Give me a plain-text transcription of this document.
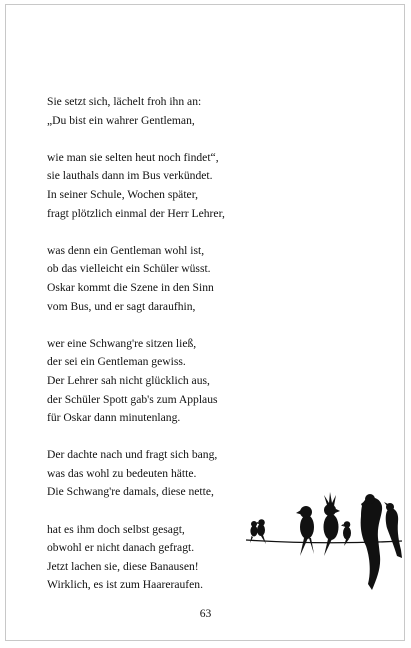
Sie setzt sich, lächelt froh ihn an:
„Du bist ein wahrer Gentleman,
wie man sie selten heut noch findet“,
sie lauthals dann im Bus verkündet.
In seiner Schule, Wochen später,
fragt plötzlich einmal der Herr Lehrer,
was denn ein Gentleman wohl ist,
ob das vielleicht ein Schüler wüsst.
Oskar kommt die Szene in den Sinn
vom Bus, und er sagt daraufhin,
wer eine Schwang're sitzen ließ,
der sei ein Gentleman gewiss.
Der Lehrer sah nicht glücklich aus,
der Schüler Spott gab's zum Applaus
für Oskar dann minutenlang.
Der dachte nach und fragt sich bang,
was das wohl zu bedeuten hätte.
Die Schwang're damals, diese nette,
hat es ihm doch selbst gesagt,
obwohl er nicht danach gefragt.
Jetzt lachen sie, diese Banausen!
Wirklich, es ist zum Haareraufen.
63
